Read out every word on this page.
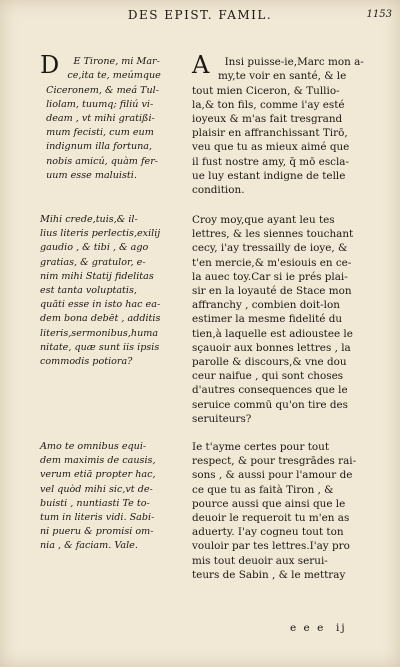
DES EPIST. FAMIL.	1153

D E Tirone, mi Mar-
ce,ita te, meúmque
Ciceronem, & meá Tul-
liolam, tuumq; filiú vi-
deam , vt mihi gratißi-
mum fecisti, cum eum
indignum illa fortuna,
nobis amicú, quàm fer-
uum esse maluisti.

A Insi puisse-ie,Marc mon a-
my,te voir en santé, & le
tout mien Ciceron, & Tullio-
la,& ton fils, comme i'ay esté
ioyeux & m'as fait tresgrand
plaisir en affranchissant Tirō,
veu que tu as mieux aimé que
il fust nostre amy, q̄ mō escla-
ue luy estant indigne de telle
condition.

Mihi crede,tuis,& il-
lius literis perlectis,exilij
gaudio , & tibi , & ago
gratias, & gratulor, e-
nim mihi Statij fidelitas
est tanta voluptatis,
quāti esse in isto hac ea-
dem bona debēt , additis
literis,sermonibus,huma
nitate, quæ sunt iis ipsis
commodis potiora?
Croy moy,que ayant leu tes
lettres, & les siennes touchant
cecy, i'ay tressailly de ioye, &
t'en mercie,& m'esiouis en ce-
la auec toy.Car si ie prés plai-
sir en la loyauté de Stace mon
affranchy , combien doit-lon
estimer la mesme fidelité du
tien,à laquelle est adioustee le
sçauoir aux bonnes lettres , la
parolle & discours,& vne dou
ceur naifue , qui sont choses
d'autres consequences que le
seruice commū qu'on tire des
seruiteurs?
Amo te omnibus equi-
dem maximis de causis,
verum etiā propter hac,
vel quòd mihi sic,vt de-
buisti , nuntiasti Te to-
tum in literis vidi. Sabi-
ni pueru & promisi om-
nia , & faciam. Vale.
Ie t'ayme certes pour tout
respect, & pour tresgrādes rai-
sons , & aussi pour l'amour de
ce que tu as faità Tiron , &
pource aussi que ainsi que le
deuoir le requeroit tu m'en as
aduerty. I'ay cogneu tout ton
vouloir par tes lettres.I'ay pro
mis tout deuoir aux serui-
teurs de Sabin , & le mettray
e e e  ij
